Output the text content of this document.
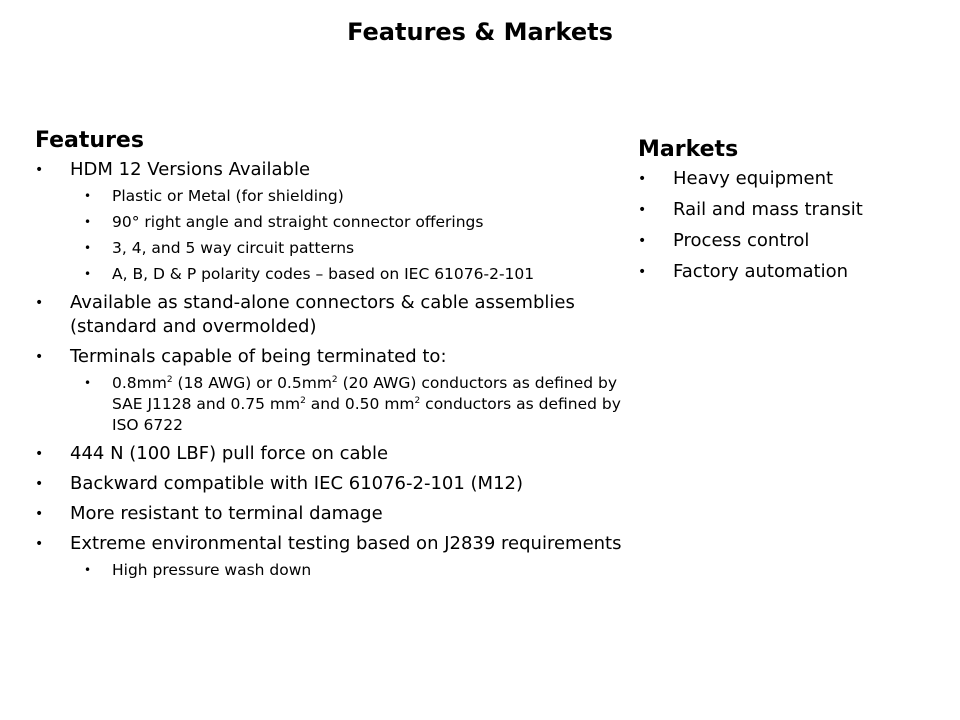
Features & Markets
Features
• HDM 12 Versions Available
• Plastic or Metal (for shielding)
• 90° right angle and straight connector offerings
• 3, 4, and 5 way circuit patterns
• A, B, D & P polarity codes – based on IEC 61076-2-101
• Available as stand-alone connectors & cable assemblies (standard and overmolded)
• Terminals capable of being terminated to:
• $0.8mm^2$ (18 AWG) or $0.5mm^2$ (20 AWG) conductors as defined by SAE J1128 and 0.75 $mm^2$ and 0.50 $mm^2$ conductors as defined by ISO 6722
• 444 N (100 LBF) pull force on cable
• Backward compatible with IEC 61076-2-101 (M12)
• More resistant to terminal damage
• Extreme environmental testing based on J2839 requirements
• High pressure wash down
Markets
• Heavy equipment
• Rail and mass transit
• Process control
• Factory automation
